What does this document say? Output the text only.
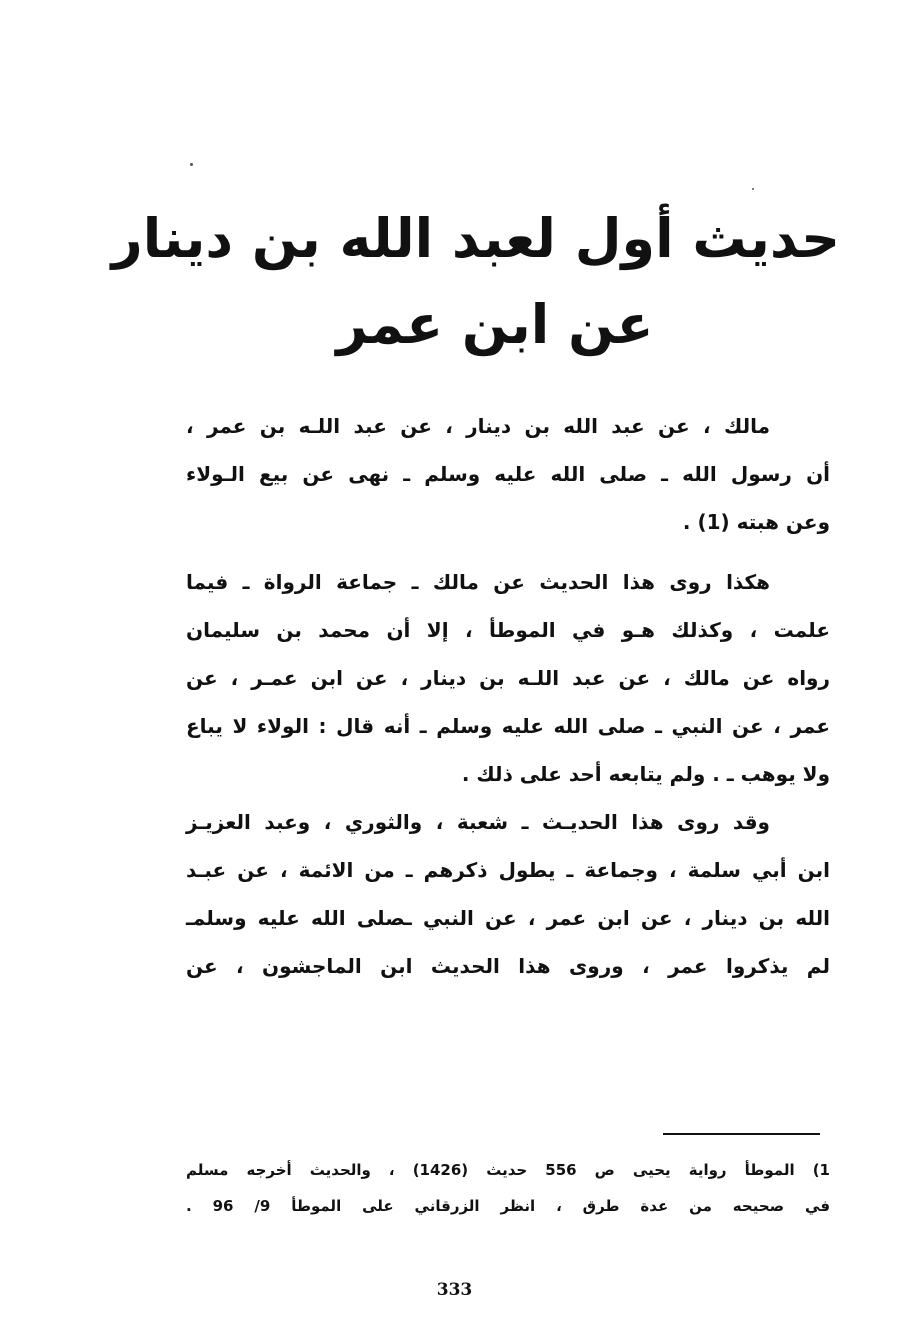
حديث أول لعبد الله بن دينار
عن ابن عمر
مالك ، عن عبد الله بن دينار ، عن عبد اللـه بن عمر ،
أن رسول الله ـ صلى الله عليه وسلم ـ نهى عن بيع الـولاء
وعن هبته (1) .
هكذا روى هذا الحديث عن مالك ـ جماعة الرواة ـ فيما
علمت ، وكذلك هـو في الموطأ ، إلا أن محمد بن سليمان
رواه عن مالك ، عن عبد اللـه بن دينار ، عن ابن عمـر ، عن
عمر ، عن النبي ـ صلى الله عليه وسلم ـ أنه قال : الولاء لا يباع
ولا يوهب ـ . ولم يتابعه أحد على ذلك .
وقد روى هذا الحديـث ـ شعبة ، والثوري ، وعبد العزيـز
ابن أبي سلمة ، وجماعة ـ يطول ذكرهم ـ من الائمة ، عن عبـد
الله بن دينار ، عن ابن عمر ، عن النبي ـصلى الله عليه وسلمـ
لم يذكروا عمر ، وروى هذا الحديث ابن الماجشون ، عن
1) الموطأ رواية يحيى ص 556 حديث (1426) ، والحديث أخرجه مسلم
في صحيحه من عدة طرق ، انظر الزرقاني على الموطأ 9/ 96 .
333
